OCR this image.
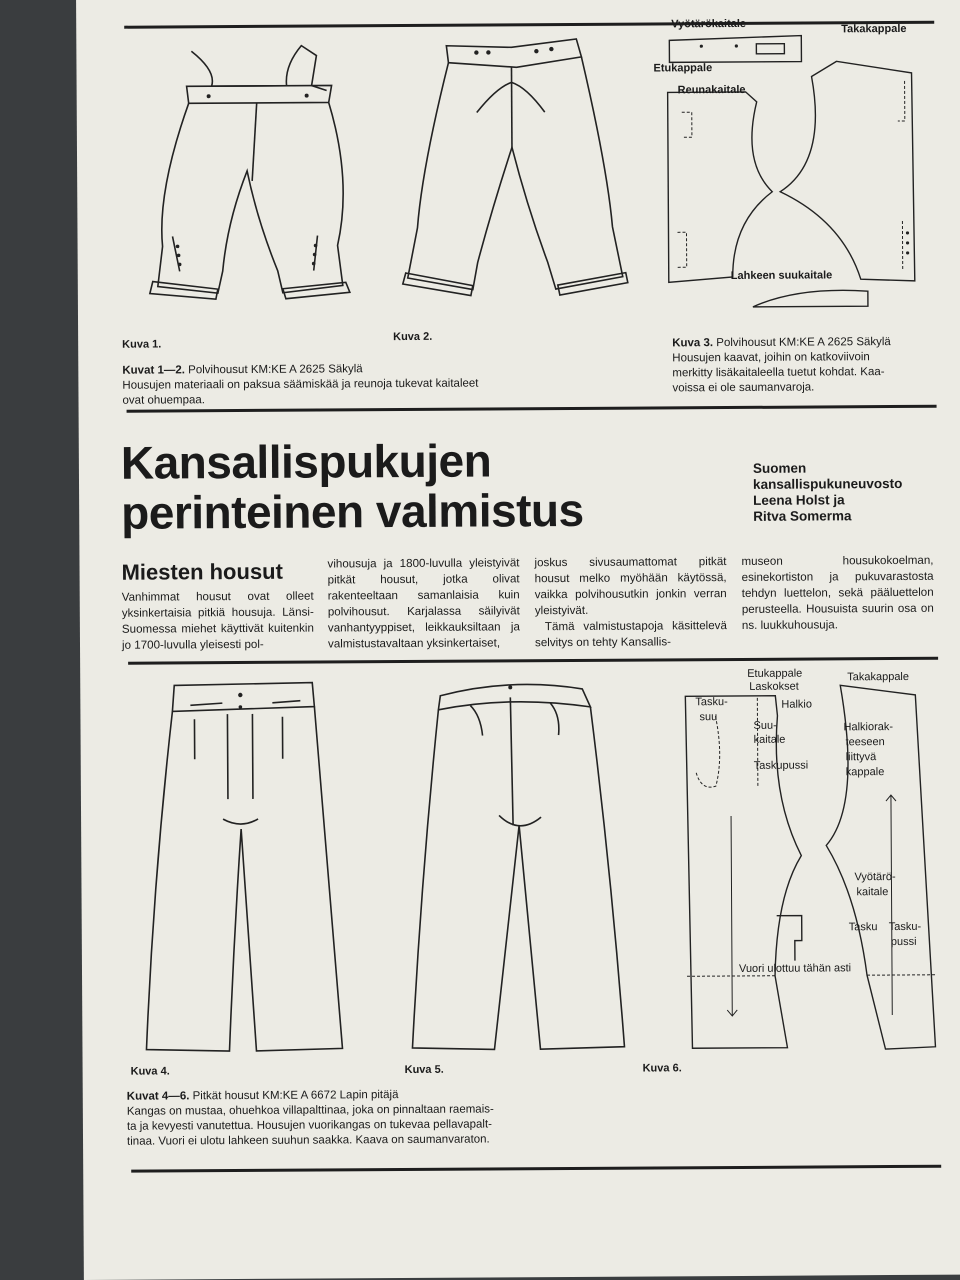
Vyötärökaitale	Takakappale
Etukappale
Reunakaitale
Lahkeen suukaitale
Kuva 1.
Kuva 2.
Kuvat 1—2. Polvihousut KM:KE A 2625 Säkylä
Housujen materiaali on paksua säämiskää ja reunoja tukevat kaitaleet
ovat ohuempaa.
Kuva 3. Polvihousut KM:KE A 2625 Säkylä
Housujen kaavat, joihin on katkoviivoin
merkitty lisäkaitaleella tuetut kohdat. Kaa-
voissa ei ole saumanvaroja.
Kansallispukujen
perinteinen valmistus
Suomen
kansallispukuneuvosto
Leena Holst ja
Ritva Somerma
Miesten housut
Vanhimmat housut ovat olleet yksinkertaisia pitkiä housuja. Länsi-Suomessa miehet käyttivät kuitenkin jo 1700-luvulla yleisesti pol-
vihousuja ja 1800-luvulla yleistyivät pitkät housut, jotka olivat rakenteeltaan samanlaisia kuin polvihousut. Karjalassa säilyivät vanhantyyppiset, leikkauksiltaan ja valmistustavaltaan yksinkertaiset,
joskus sivusaumattomat pitkät housut melko myöhään käytössä, vaikka polvihousutkin jonkin verran yleistyivät.
Tämä valmistustapoja käsittelevä selvitys on tehty Kansallis-
museon housukokoelman, esinekortiston ja pukuvarastosta tehdyn luettelon, sekä pääluettelon perusteella. Housuista suurin osa on ns. luukkuhousuja.
Etukappale
Laskokset
Takakappale
Tasku-
suu
Halkio
Suu-
kaitale
Halkiorak-
teeseen
liittyvä
kappale
Taskupussi
Vyötärö-
kaitale
Tasku Tasku-
pussi
Vuori ulottuu tähän asti
Kuva 4.	Kuva 5.	Kuva 6.
Kuvat 4—6. Pitkät housut KM:KE A 6672 Lapin pitäjä
Kangas on mustaa, ohuehkoa villapalttinaa, joka on pinnaltaan raemais-
ta ja kevyesti vanutettua. Housujen vuorikangas on tukevaa pellavapalt-
tinaa. Vuori ei ulotu lahkeen suuhun saakka. Kaava on saumanvaraton.
